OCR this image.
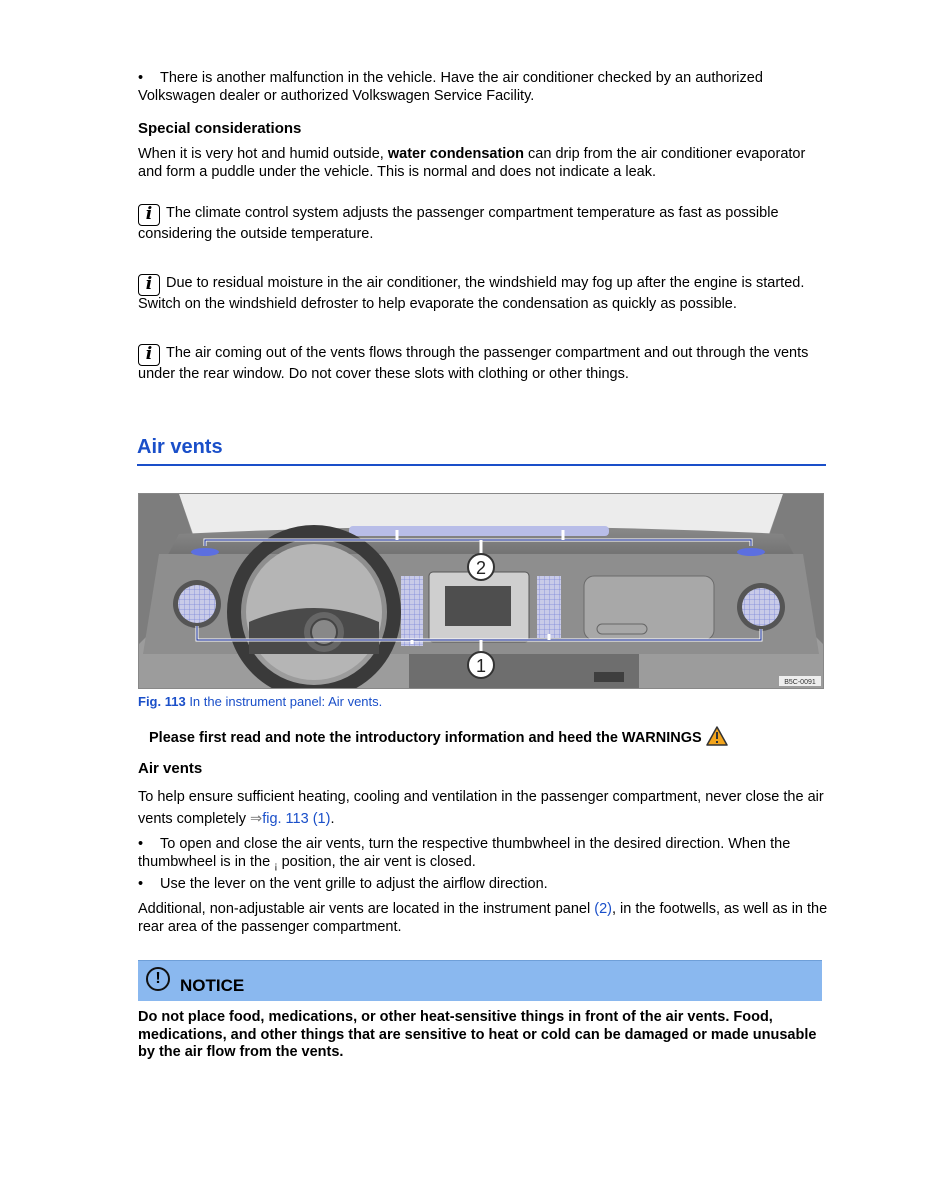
• There is another malfunction in the vehicle. Have the air conditioner checked by an authorized Volkswagen dealer or authorized Volkswagen Service Facility.
Special considerations
When it is very hot and humid outside, water condensation can drip from the air conditioner evaporator and form a puddle under the vehicle. This is normal and does not indicate a leak.
i The climate control system adjusts the passenger compartment temperature as fast as possible considering the outside temperature.
i Due to residual moisture in the air conditioner, the windshield may fog up after the engine is started. Switch on the windshield defroster to help evaporate the condensation as quickly as possible.
i The air coming out of the vents flows through the passenger compartment and out through the vents under the rear window. Do not cover these slots with clothing or other things.
Air vents
2
1
B5C-0091
Fig. 113 In the instrument panel: Air vents.
Please first read and note the introductory information and heed the WARNINGS
Air vents
To help ensure sufficient heating, cooling and ventilation in the passenger compartment, never close the air vents completely ⇒fig. 113 (1).
• To open and close the air vents, turn the respective thumbwheel in the desired direction. When the thumbwheel is in the $_¡$ position, the air vent is closed.
• Use the lever on the vent grille to adjust the airflow direction.
Additional, non-adjustable air vents are located in the instrument panel (2), in the footwells, as well as in the rear area of the passenger compartment.
!	NOTICE
Do not place food, medications, or other heat-sensitive things in front of the air vents. Food, medications, and other things that are sensitive to heat or cold can be damaged or made unusable by the air flow from the vents.
